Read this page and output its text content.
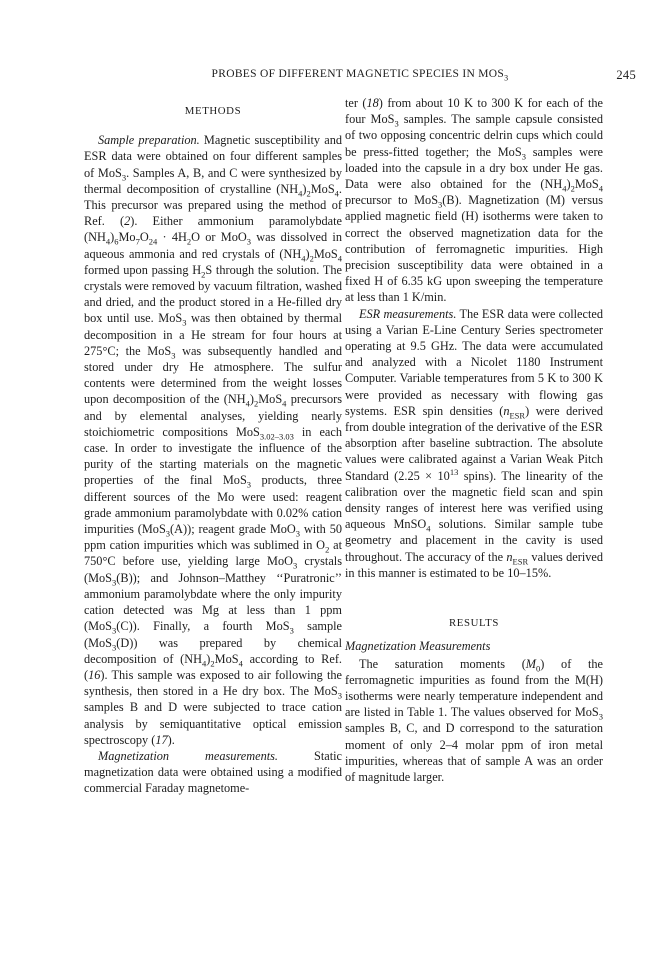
PROBES OF DIFFERENT MAGNETIC SPECIES IN $MOS_3$	245
METHODS

Sample preparation. Magnetic susceptibility and ESR data were obtained on four different samples of MoS$_3$. Samples A, B, and C were synthesized by thermal decomposition of crystalline $(NH_4)_2MoS_4$. This precursor was prepared using the method of Ref. (2). Either ammonium paramolybdate $(NH_4)_6Mo_7O_{24} \cdot 4H_2O$ or MoO$_3$ was dissolved in aqueous ammonia and red crystals of $(NH_4)_2MoS_4$ formed upon passing $H_2S$ through the solution. The crystals were removed by vacuum filtration, washed and dried, and the product stored in a He-filled dry box until use. MoS$_3$ was then obtained by thermal decomposition in a He stream for four hours at 275°C; the MoS$_3$ was subsequently handled and stored under dry He atmosphere. The sulfur contents were determined from the weight losses upon decomposition of the $(NH_4)_2MoS_4$ precursors and by elemental analyses, yielding nearly stoichiometric compositions MoS$_{3.02-3.03}$ in each case. In order to investigate the influence of the purity of the starting materials on the magnetic properties of the final MoS$_3$ products, three different sources of the Mo were used: reagent grade ammonium paramolybdate with 0.02% cation impurities (MoS$_3$(A)); reagent grade MoO$_3$ with 50 ppm cation impurities which was sublimed in $O_2$ at 750°C before use, yielding large MoO$_3$ crystals (MoS$_3$(B)); and Johnson–Matthey ‘‘Puratronic’’ ammonium paramolybdate where the only impurity cation detected was Mg at less than 1 ppm (MoS$_3$(C)). Finally, a fourth MoS$_3$ sample (MoS$_3$(D)) was prepared by chemical decomposition of $(NH_4)_2MoS_4$ according to Ref. (16). This sample was exposed to air following the synthesis, then stored in a He dry box. The MoS$_3$ samples B and D were subjected to trace cation analysis by semiquantitative optical emission spectroscopy (17).

Magnetization measurements. Static magnetization data were obtained using a modified commercial Faraday magnetome-

ter (18) from about 10 K to 300 K for each of the four MoS$_3$ samples. The sample capsule consisted of two opposing concentric delrin cups which could be press-fitted together; the MoS$_3$ samples were loaded into the capsule in a dry box under He gas. Data were also obtained for the $(NH_4)_2MoS_4$ precursor to MoS$_3$(B). Magnetization (M) versus applied magnetic field (H) isotherms were taken to correct the observed magnetization data for the contribution of ferromagnetic impurities. High precision susceptibility data were obtained in a fixed H of 6.35 kG upon sweeping the temperature at less than 1 K/min.

ESR measurements. The ESR data were collected using a Varian E-Line Century Series spectrometer operating at 9.5 GHz. The data were accumulated and analyzed with a Nicolet 1180 Instrument Computer. Variable temperatures from 5 K to 300 K were provided as necessary with flowing gas systems. ESR spin densities $(n_{ESR})$ were derived from double integration of the derivative of the ESR absorption after baseline subtraction. The absolute values were calibrated against a Varian Weak Pitch Standard ($2.25 \times 10^{13}$ spins). The linearity of the calibration over the magnetic field scan and spin density ranges of interest here was verified using aqueous MnSO$_4$ solutions. Similar sample tube geometry and placement in the cavity is used throughout. The accuracy of the $n_{ESR}$ values derived in this manner is estimated to be 10–15%.

RESULTS

Magnetization Measurements

The saturation moments $(M_0)$ of the ferromagnetic impurities as found from the M(H) isotherms were nearly temperature independent and are listed in Table 1. The values observed for MoS$_3$ samples B, C, and D correspond to the saturation moment of only 2–4 molar ppm of iron metal impurities, whereas that of sample A was an order of magnitude larger.
